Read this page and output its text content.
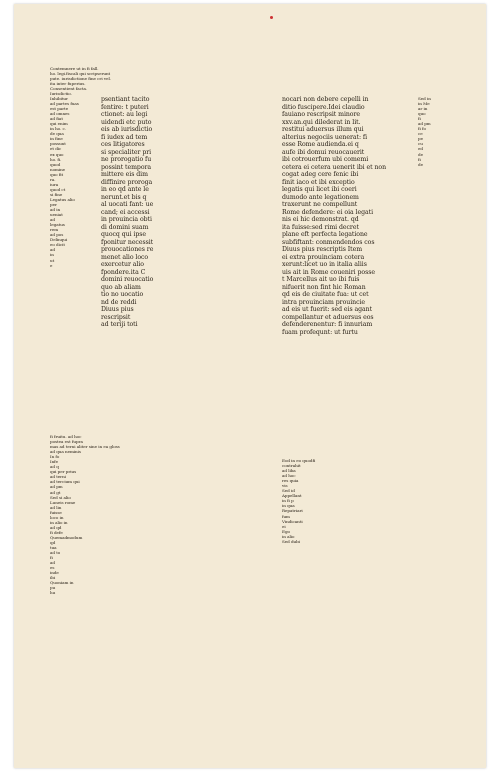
Contemnere ut in fi fall.
ho. legi.fiscali qui scripserunt
pute. iurisdictione fine cri vel.
ita inter fuperius.
Consentient facta.
Iurisdictio.
Inhibitur
ad partes fuas
est parte
ad omnes
ad fiat
qui enim
in ho. c.
de qua
in fine
possunt
et dic
ex quo
ho. fi.
quod
nomine
quo fit
ra.
iura
quod ct
si fine
Legatus alio
per
ad in
ueniat
ad
legatus
rem
ad pos
Delinqui
eo dicit
ad
in
ut
e
psentiant tacito
fentire: t puteri
ctionet: au legi
uidendi etc puto
eis ab iurisdictio
fi iudex ad tem
ces litigatores
si specialiter pri
ne prorogatio fu
possint tempora
mittere eis dim
diffinire proroga
in eo qd ante le
nerunt.et bis q
al uocati fant: ue
cand; ei accessi
in prouincia obti
di domini suam
quocq qui ipse
fponitur necessit
prouocationes re
menet alio loco
exercetur alio
fpondere.ita C
domini reuocatio
quo ab aliam
tio no uocatio
nd de reddi
Diuus pius
rescripsit
ad teriji toti
nocari non debere cepelli in
ditio fuscipere.Idei claudio
fauiano rescripsit minore
xxv.an.qui dilederat in lit.
restitui aduersus illum qui
alterius negociis uenerat: fi
esse Rome audienda.ei q
aufe ibi domui reuocauerit
ibi cotrouerfum ubi comemi
cetera ei cetera uenerit ibi et non
cogat adeg cere fenic ibi
finit iaco et ibi exceptio
legatis qui licet ibi coeri
dumodo ante legationem
traxerunt ne compellunt
Rome defendere: ei oia legati
nis ei hic demonstrat. qd
ita fuisse:sed rimi decret
plane eft perfecta legatione
subfiftant: conmendendos cos
Diuus pius rescriptis Item
ei extra prouinciam cotera
xerunt:licet uo in italia aliis
uis ait in Rome coueniri posse
t Marcellus ait uo ibi fuis
nifuerit non fint hic Roman
qd eis de ciuitate fua: ut cet
intra prouinciam prouincie
ad eis ut fuerit: sed eis agant
compellantur et aduersus eos
defenderenentur: fi innuriam
fuam profequnt: ut furtu
Sed in
in Me
ar in
quo
fi
ad pm
fi fo
ce
pe
cu
ed
de
fi
de
fi fruitu. ad hoc
postea est fupra
mas ad terni aliter sine in ea gloss
ad qua neminis
In fo
Infe
ad q
qui per prius
ad terni
ad tercium qui
ad pm
ad gt
Sed si alio
Luneis rome
ad lin
fuisse
loco in
in alio in
ad qd
fi defe
Quemadmodum
qd
tua
ad to
fi
ad
es
inde
ibi
Quoniam in
pu
hu
Eod in eo quodfi
contrahit
ad liba
ad hoc
res quia
vis
Sed id
Appellant
in fi p
in qua
Repatriari
fum
Vindicanti
ei
Ego
in alio
Sed dubi
